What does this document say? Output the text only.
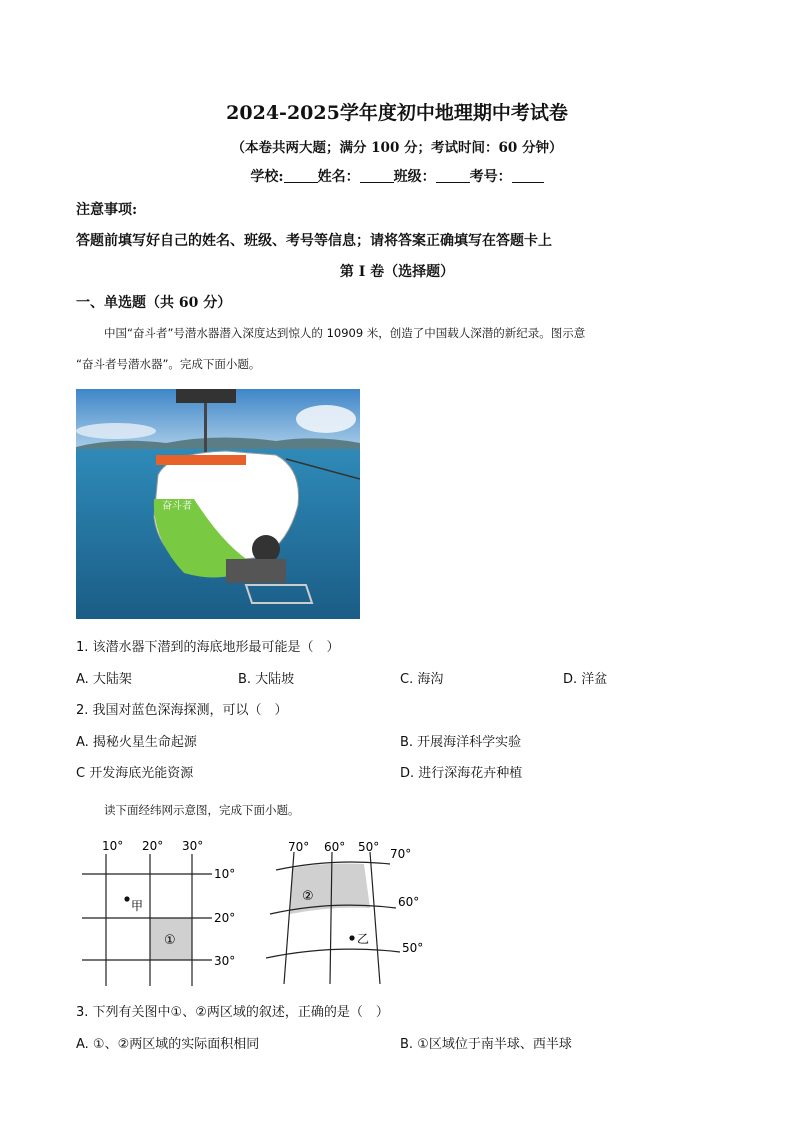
2024-2025学年度初中地理期中考试卷
（本卷共两大题；满分 100 分；考试时间：60 分钟）
学校: 姓名： 班级： 考号：
注意事项:
答题前填写好自己的姓名、班级、考号等信息；请将答案正确填写在答题卡上
第 I 卷（选择题）
一、单选题（共 60 分）
中国“奋斗者”号潜水器潜入深度达到惊人的 10909 米，创造了中国载人深潜的新纪录。图示意
“奋斗者号潜水器”。完成下面小题。
奋斗者
1. 该潜水器下潜到的海底地形最可能是（　）
A. 大陆架	B. 大陆坡	C. 海沟	D. 洋盆
2. 我国对蓝色深海探测，可以（　）
A. 揭秘火星生命起源	B. 开展海洋科学实验
C 开发海底光能资源	D. 进行深海花卉种植
读下面经纬网示意图，完成下面小题。
10° 20° 30°
10°
20°
30°
甲
①
70° 60° 50° 70°
60°
50°
②
乙
3. 下列有关图中①、②两区域的叙述，正确的是（　）
A. ①、②两区域的实际面积相同	B. ①区域位于南半球、西半球
